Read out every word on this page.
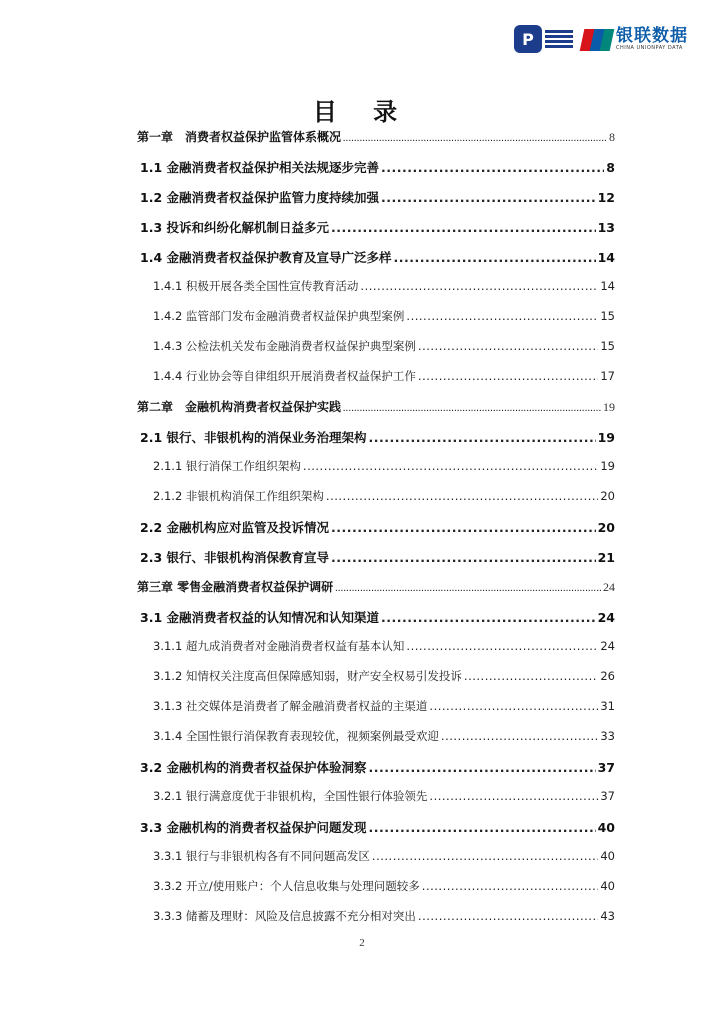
P	银联数据
CHINA UNIONPAY DATA
目 录
第一章　消费者权益保护监管体系概况 .....	8
1.1 金融消费者权益保护相关法规逐步完善 .....	8
1.2 金融消费者权益保护监管力度持续加强 .....	12
1.3 投诉和纠纷化解机制日益多元 .....	13
1.4 金融消费者权益保护教育及宣导广泛多样 .....	14
1.4.1 积极开展各类全国性宣传教育活动 .....	14
1.4.2 监管部门发布金融消费者权益保护典型案例 .....	15
1.4.3 公检法机关发布金融消费者权益保护典型案例 .....	15
1.4.4 行业协会等自律组织开展消费者权益保护工作 .....	17
第二章　金融机构消费者权益保护实践 .....	19
2.1 银行、非银机构的消保业务治理架构 .....	19
2.1.1 银行消保工作组织架构 .....	19
2.1.2 非银机构消保工作组织架构 .....	20
2.2 金融机构应对监管及投诉情况 .....	20
2.3 银行、非银机构消保教育宣导 .....	21
第三章 零售金融消费者权益保护调研 .....	24
3.1 金融消费者权益的认知情况和认知渠道 .....	24
3.1.1 超九成消费者对金融消费者权益有基本认知 .....	24
3.1.2 知情权关注度高但保障感知弱，财产安全权易引发投诉 .....	26
3.1.3 社交媒体是消费者了解金融消费者权益的主渠道 .....	31
3.1.4 全国性银行消保教育表现较优，视频案例最受欢迎 .....	33
3.2 金融机构的消费者权益保护体验洞察 .....	37
3.2.1 银行满意度优于非银机构，全国性银行体验领先 .....	37
3.3 金融机构的消费者权益保护问题发现 .....	40
3.3.1 银行与非银机构各有不同问题高发区 .....	40
3.3.2 开立/使用账户：个人信息收集与处理问题较多 .....	40
3.3.3 储蓄及理财：风险及信息披露不充分相对突出 .....	43
2
